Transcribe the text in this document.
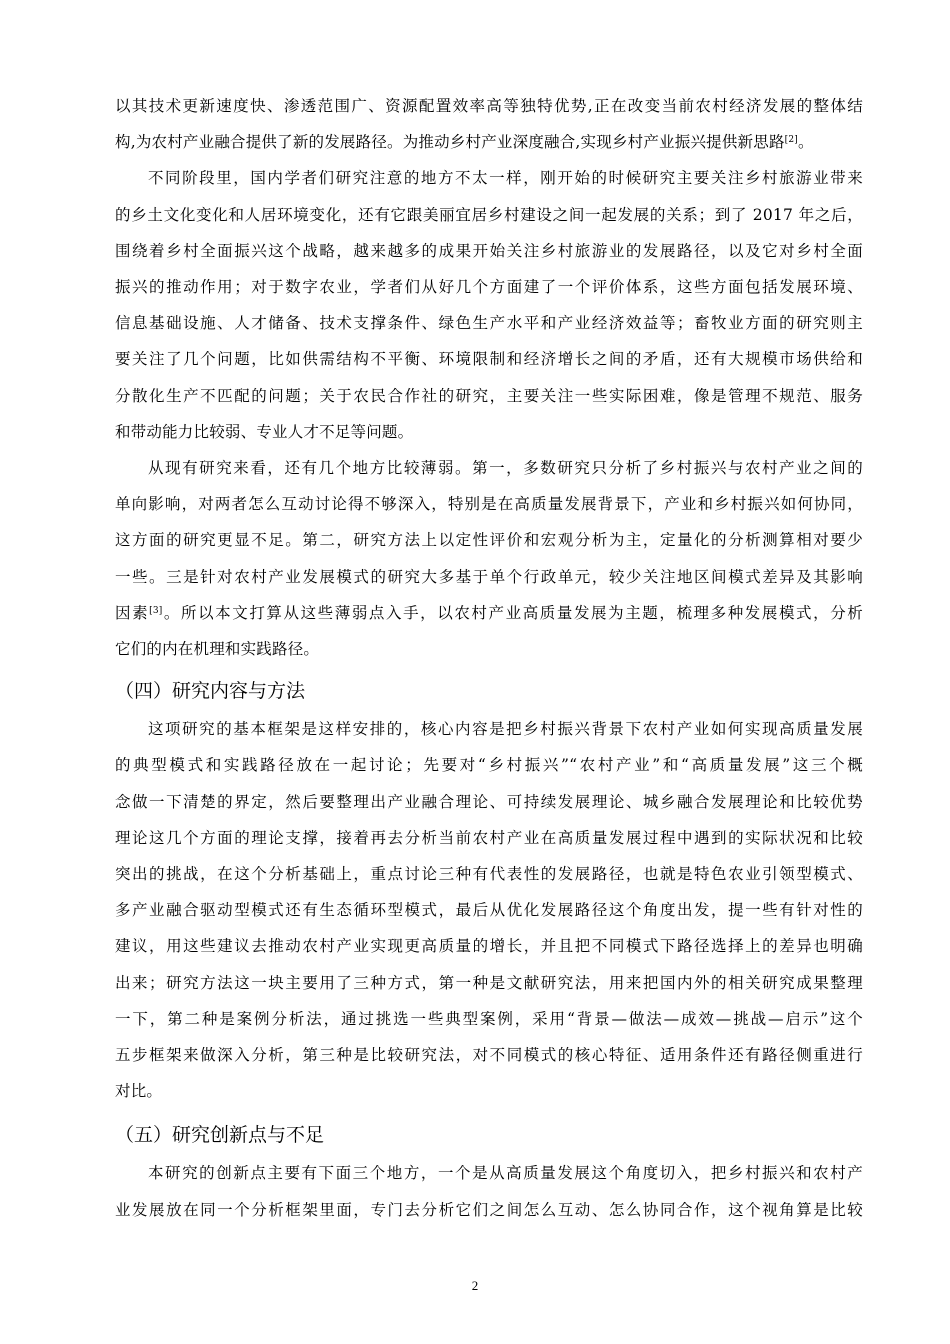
以其技术更新速度快、渗透范围广、资源配置效率高等独特优势,正在改变当前农村经济发展的整体结
构,为农村产业融合提供了新的发展路径。为推动乡村产业深度融合,实现乡村产业振兴提供新思路[2]。

不同阶段里，国内学者们研究注意的地方不太一样，刚开始的时候研究主要关注乡村旅游业带来
的乡土文化变化和人居环境变化，还有它跟美丽宜居乡村建设之间一起发展的关系；到了 2017 年之后，
围绕着乡村全面振兴这个战略，越来越多的成果开始关注乡村旅游业的发展路径，以及它对乡村全面
振兴的推动作用；对于数字农业，学者们从好几个方面建了一个评价体系，这些方面包括发展环境、
信息基础设施、人才储备、技术支撑条件、绿色生产水平和产业经济效益等；畜牧业方面的研究则主
要关注了几个问题，比如供需结构不平衡、环境限制和经济增长之间的矛盾，还有大规模市场供给和
分散化生产不匹配的问题；关于农民合作社的研究，主要关注一些实际困难，像是管理不规范、服务
和带动能力比较弱、专业人才不足等问题。

从现有研究来看，还有几个地方比较薄弱。第一，多数研究只分析了乡村振兴与农村产业之间的
单向影响，对两者怎么互动讨论得不够深入，特别是在高质量发展背景下，产业和乡村振兴如何协同，
这方面的研究更显不足。第二，研究方法上以定性评价和宏观分析为主，定量化的分析测算相对要少
一些。三是针对农村产业发展模式的研究大多基于单个行政单元，较少关注地区间模式差异及其影响
因素[3]。所以本文打算从这些薄弱点入手，以农村产业高质量发展为主题，梳理多种发展模式，分析
它们的内在机理和实践路径。

（四）研究内容与方法

这项研究的基本框架是这样安排的，核心内容是把乡村振兴背景下农村产业如何实现高质量发展
的典型模式和实践路径放在一起讨论；先要对“乡村振兴”“农村产业”和“高质量发展”这三个概
念做一下清楚的界定，然后要整理出产业融合理论、可持续发展理论、城乡融合发展理论和比较优势
理论这几个方面的理论支撑，接着再去分析当前农村产业在高质量发展过程中遇到的实际状况和比较
突出的挑战，在这个分析基础上，重点讨论三种有代表性的发展路径，也就是特色农业引领型模式、
多产业融合驱动型模式还有生态循环型模式，最后从优化发展路径这个角度出发，提一些有针对性的
建议，用这些建议去推动农村产业实现更高质量的增长，并且把不同模式下路径选择上的差异也明确
出来；研究方法这一块主要用了三种方式，第一种是文献研究法，用来把国内外的相关研究成果整理
一下，第二种是案例分析法，通过挑选一些典型案例，采用“背景—做法—成效—挑战—启示”这个
五步框架来做深入分析，第三种是比较研究法，对不同模式的核心特征、适用条件还有路径侧重进行
对比。

（五）研究创新点与不足

本研究的创新点主要有下面三个地方，一个是从高质量发展这个角度切入，把乡村振兴和农村产
业发展放在同一个分析框架里面，专门去分析它们之间怎么互动、怎么协同合作，这个视角算是比较

2
